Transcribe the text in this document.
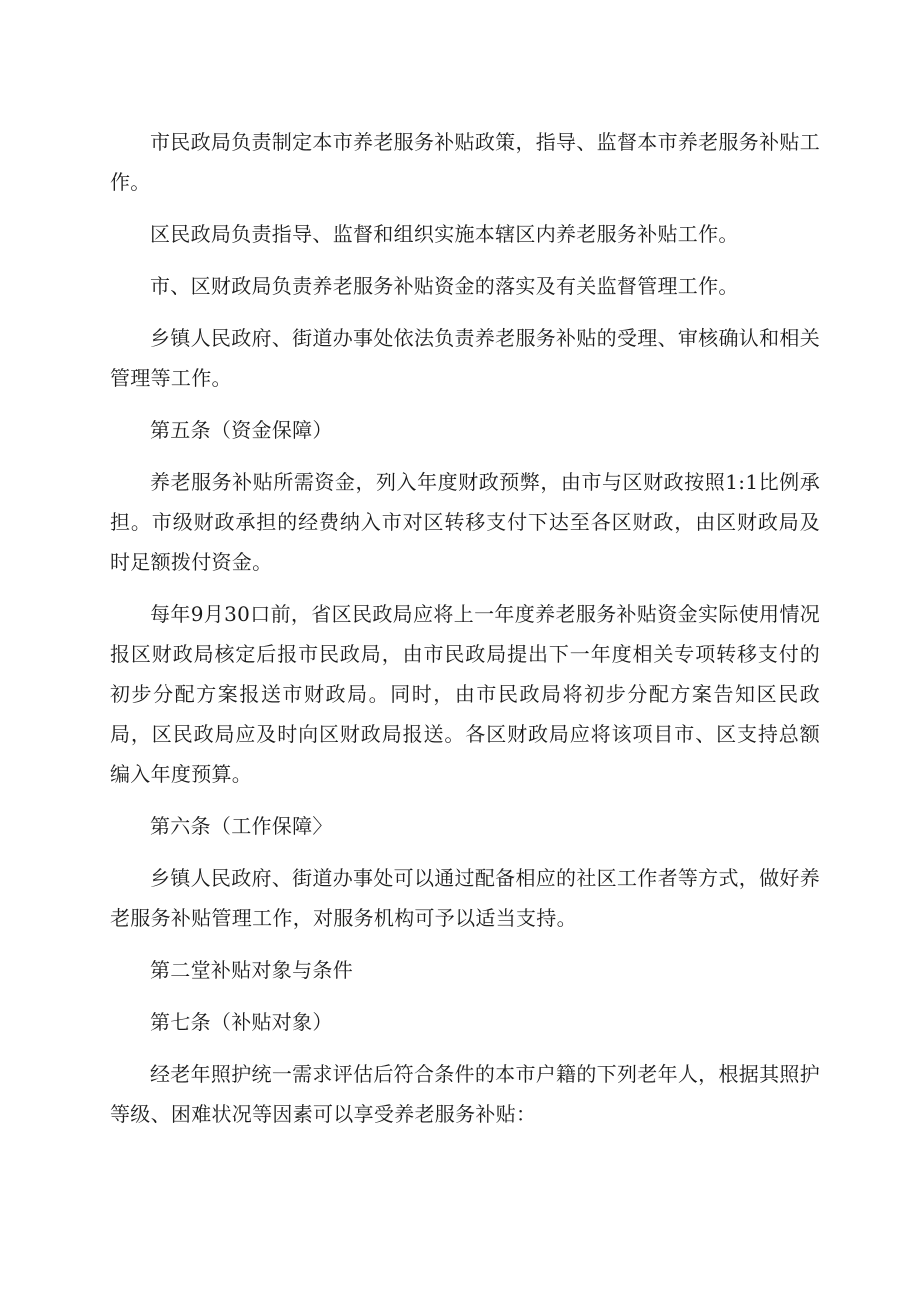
市民政局负责制定本市养老服务补贴政策，指导、监督本市养老服务补贴工作。

区民政局负责指导、监督和组织实施本辖区内养老服务补贴工作。

市、区财政局负责养老服务补贴资金的落实及有关监督管理工作。

乡镇人民政府、街道办事处依法负责养老服务补贴的受理、审核确认和相关管理等工作。

第五条（资金保障）

养老服务补贴所需资金，列入年度财政预弊，由市与区财政按照1:1比例承担。市级财政承担的经费纳入市对区转移支付下达至各区财政，由区财政局及时足额拨付资金。

每年9月30口前，省区民政局应将上一年度养老服务补贴资金实际使用情况报区财政局核定后报市民政局，由市民政局提出下一年度相关专项转移支付的初步分配方案报送市财政局。同时，由市民政局将初步分配方案告知区民政局，区民政局应及时向区财政局报送。各区财政局应将该项目市、区支持总额编入年度预算。

第六条（工作保障〉

乡镇人民政府、街道办事处可以通过配备相应的社区工作者等方式，做好养老服务补贴管理工作，对服务机构可予以适当支持。

第二堂补贴对象与条件

第七条（补贴对象）

经老年照护统一需求评估后符合条件的本市户籍的下列老年人，根据其照护等级、困难状况等因素可以享受养老服务补贴：
